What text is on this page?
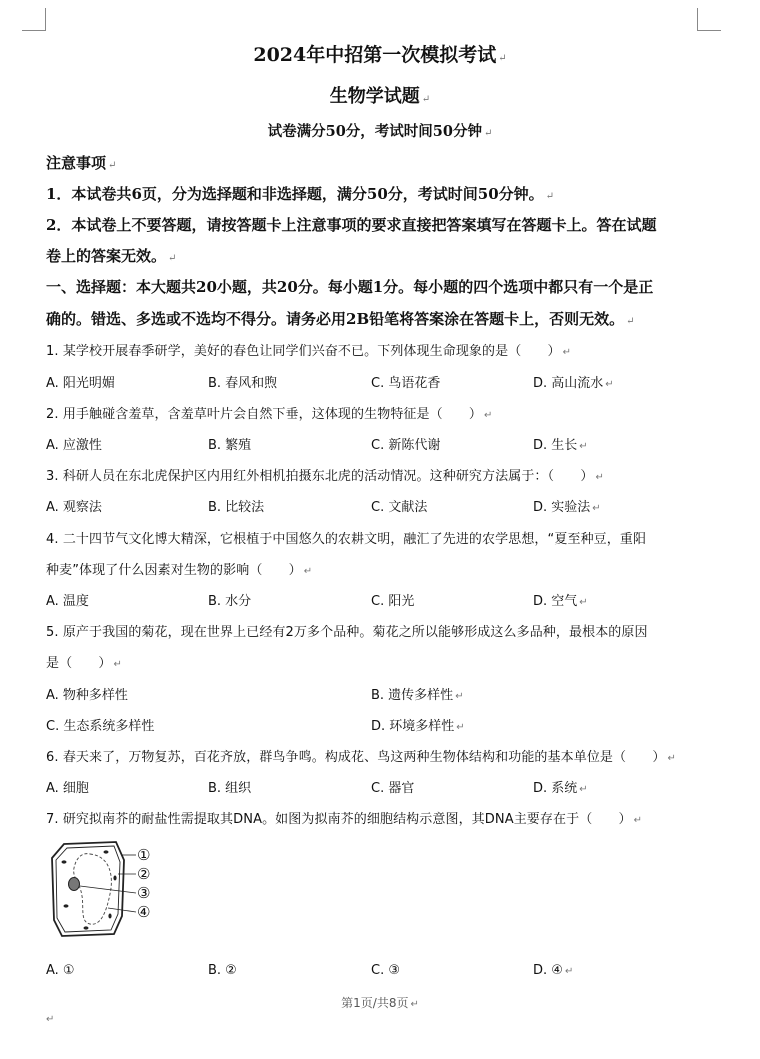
2024年中招第一次模拟考试 ↵
生物学试题 ↵
试卷满分50分，考试时间50分钟 ↵
注意事项 ↵
1．本试卷共6页，分为选择题和非选择题，满分50分，考试时间50分钟。 ↵
2．本试卷上不要答题，请按答题卡上注意事项的要求直接把答案填写在答题卡上。答在试题
卷上的答案无效。 ↵
一、选择题：本大题共20小题，共20分。每小题1分。每小题的四个选项中都只有一个是正
确的。错选、多选或不选均不得分。请务必用2B铅笔将答案涂在答题卡上，否则无效。 ↵
1. 某学校开展春季研学，美好的春色让同学们兴奋不已。下列体现生命现象的是（　　） ↵
A. 阳光明媚	B. 春风和煦	C. 鸟语花香	D. 高山流水 ↵
2. 用手触碰含羞草，含羞草叶片会自然下垂，这体现的生物特征是（　　） ↵
A. 应激性	B. 繁殖	C. 新陈代谢	D. 生长 ↵
3. 科研人员在东北虎保护区内用红外相机拍摄东北虎的活动情况。这种研究方法属于：（　　） ↵
A. 观察法	B. 比较法	C. 文献法	D. 实验法 ↵
4. 二十四节气文化博大精深，它根植于中国悠久的农耕文明，融汇了先进的农学思想，“夏至种豆，重阳
种麦”体现了什么因素对生物的影响（　　） ↵
A. 温度	B. 水分	C. 阳光	D. 空气 ↵
5. 原产于我国的菊花，现在世界上已经有2万多个品种。菊花之所以能够形成这么多品种，最根本的原因
是（　　） ↵
A. 物种多样性	B. 遗传多样性 ↵
C. 生态系统多样性	D. 环境多样性 ↵
6. 春天来了，万物复苏，百花齐放，群鸟争鸣。构成花、鸟这两种生物体结构和功能的基本单位是（　　） ↵
A. 细胞	B. 组织	C. 器官	D. 系统 ↵
7. 研究拟南芥的耐盐性需提取其DNA。如图为拟南芥的细胞结构示意图，其DNA主要存在于（　　） ↵
①
②
③
④
A. ①	B. ②	C. ③	D. ④ ↵
第1页/共8页 ↵
↵
